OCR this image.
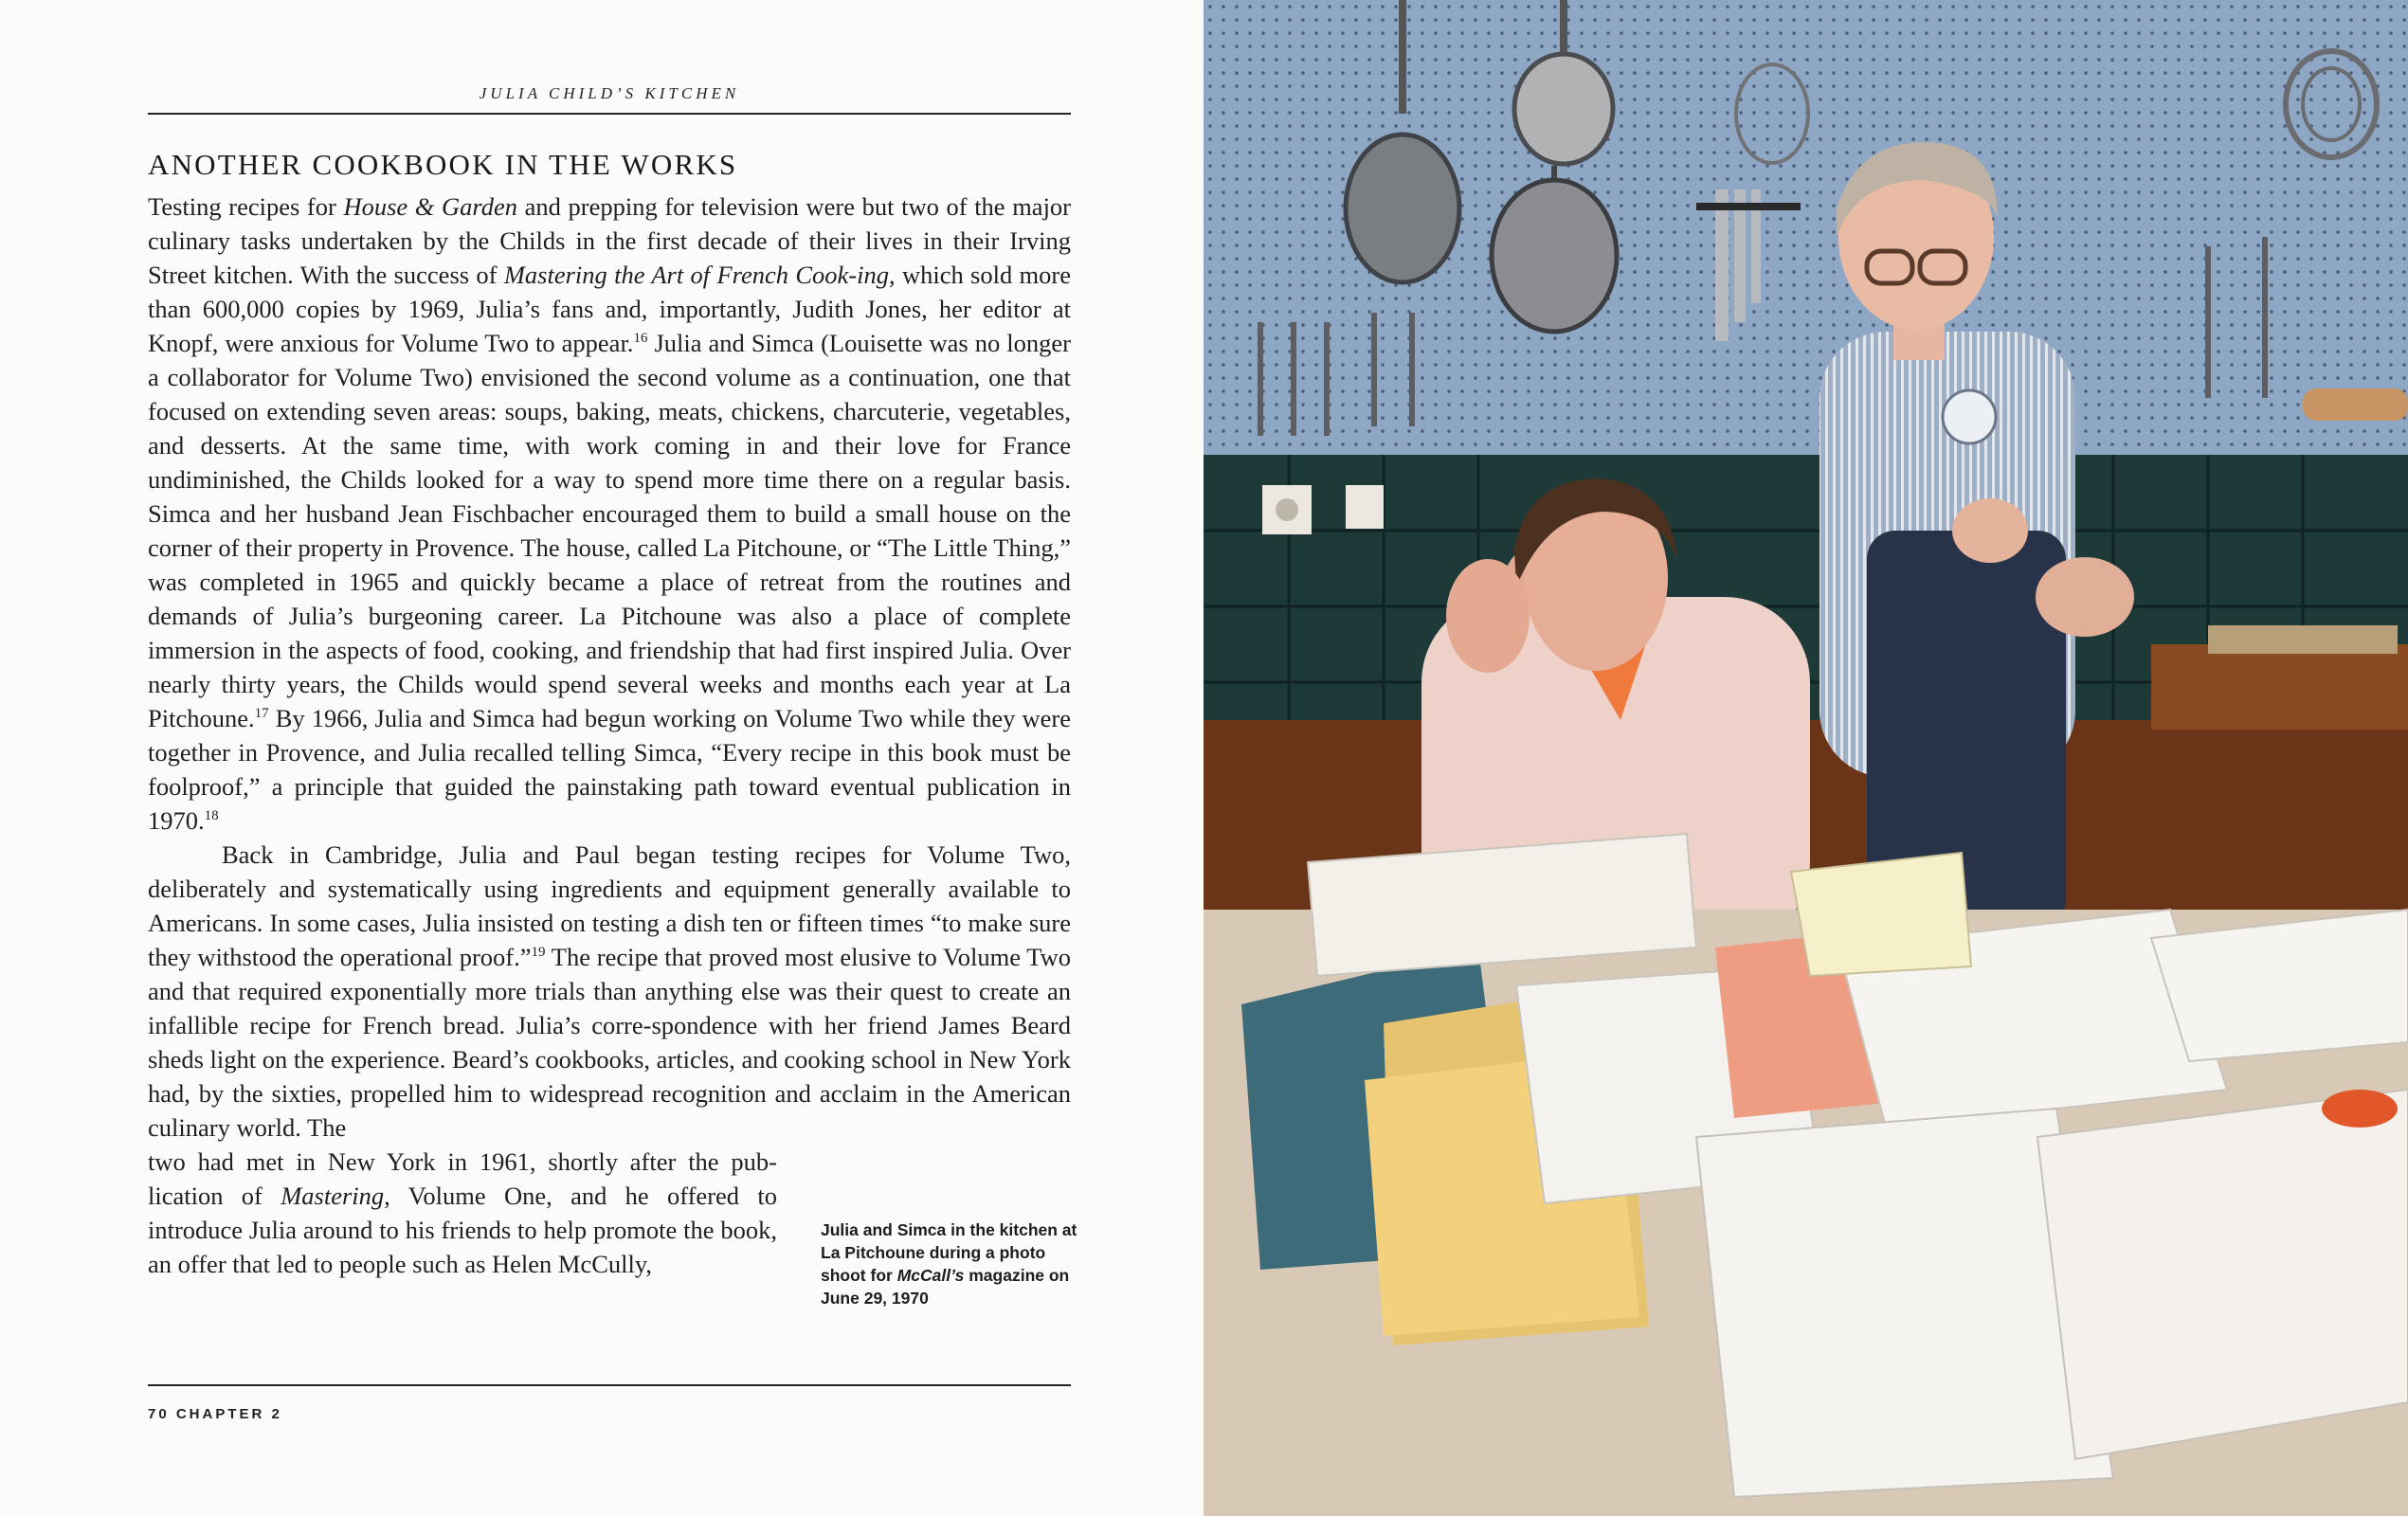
JULIA CHILD’S KITCHEN
ANOTHER COOKBOOK IN THE WORKS

Testing recipes for House & Garden and prepping for television were but two of the major culinary tasks undertaken by the Childs in the first decade of their lives in their Irving Street kitchen. With the success of Mastering the Art of French Cook-ing, which sold more than 600,000 copies by 1969, Julia’s fans and, importantly, Judith Jones, her editor at Knopf, were anxious for Volume Two to appear.$^{16}$ Julia and Simca (Louisette was no longer a collaborator for Volume Two) envisioned the second volume as a continuation, one that focused on extending seven areas: soups, baking, meats, chickens, charcuterie, vegetables, and desserts. At the same time, with work coming in and their love for France undiminished, the Childs looked for a way to spend more time there on a regular basis. Simca and her husband Jean Fischbacher encouraged them to build a small house on the corner of their property in Provence. The house, called La Pitchoune, or “The Little Thing,” was completed in 1965 and quickly became a place of retreat from the routines and demands of Julia’s burgeoning career. La Pitchoune was also a place of complete immersion in the aspects of food, cooking, and friendship that had first inspired Julia. Over nearly thirty years, the Childs would spend several weeks and months each year at La Pitchoune.$^{17}$ By 1966, Julia and Simca had begun working on Volume Two while they were together in Provence, and Julia recalled telling Simca, “Every recipe in this book must be foolproof,” a principle that guided the painstaking path toward eventual publication in 1970.18

Back in Cambridge, Julia and Paul began testing recipes for Volume Two, deliberately and systematically using ingredients and equipment generally available to Americans. In some cases, Julia insisted on testing a dish ten or fifteen times “to make sure they withstood the operational proof.”$^{19}$ The recipe that proved most elusive to Volume Two and that required exponentially more trials than anything else was their quest to create an infallible recipe for French bread. Julia’s corre-spondence with her friend James Beard sheds light on the experience. Beard’s cookbooks, articles, and cooking school in New York had, by the sixties, propelled him to widespread recognition and acclaim in the American culinary world. The

two had met in New York in 1961, shortly after the pub-lication of Mastering, Volume One, and he offered to introduce Julia around to his friends to help promote the book, an offer that led to people such as Helen McCully,

Julia and Simca in the kitchen at La Pitchoune during a photo shoot for McCall’s magazine on June 29, 1970
70 CHAPTER 2
